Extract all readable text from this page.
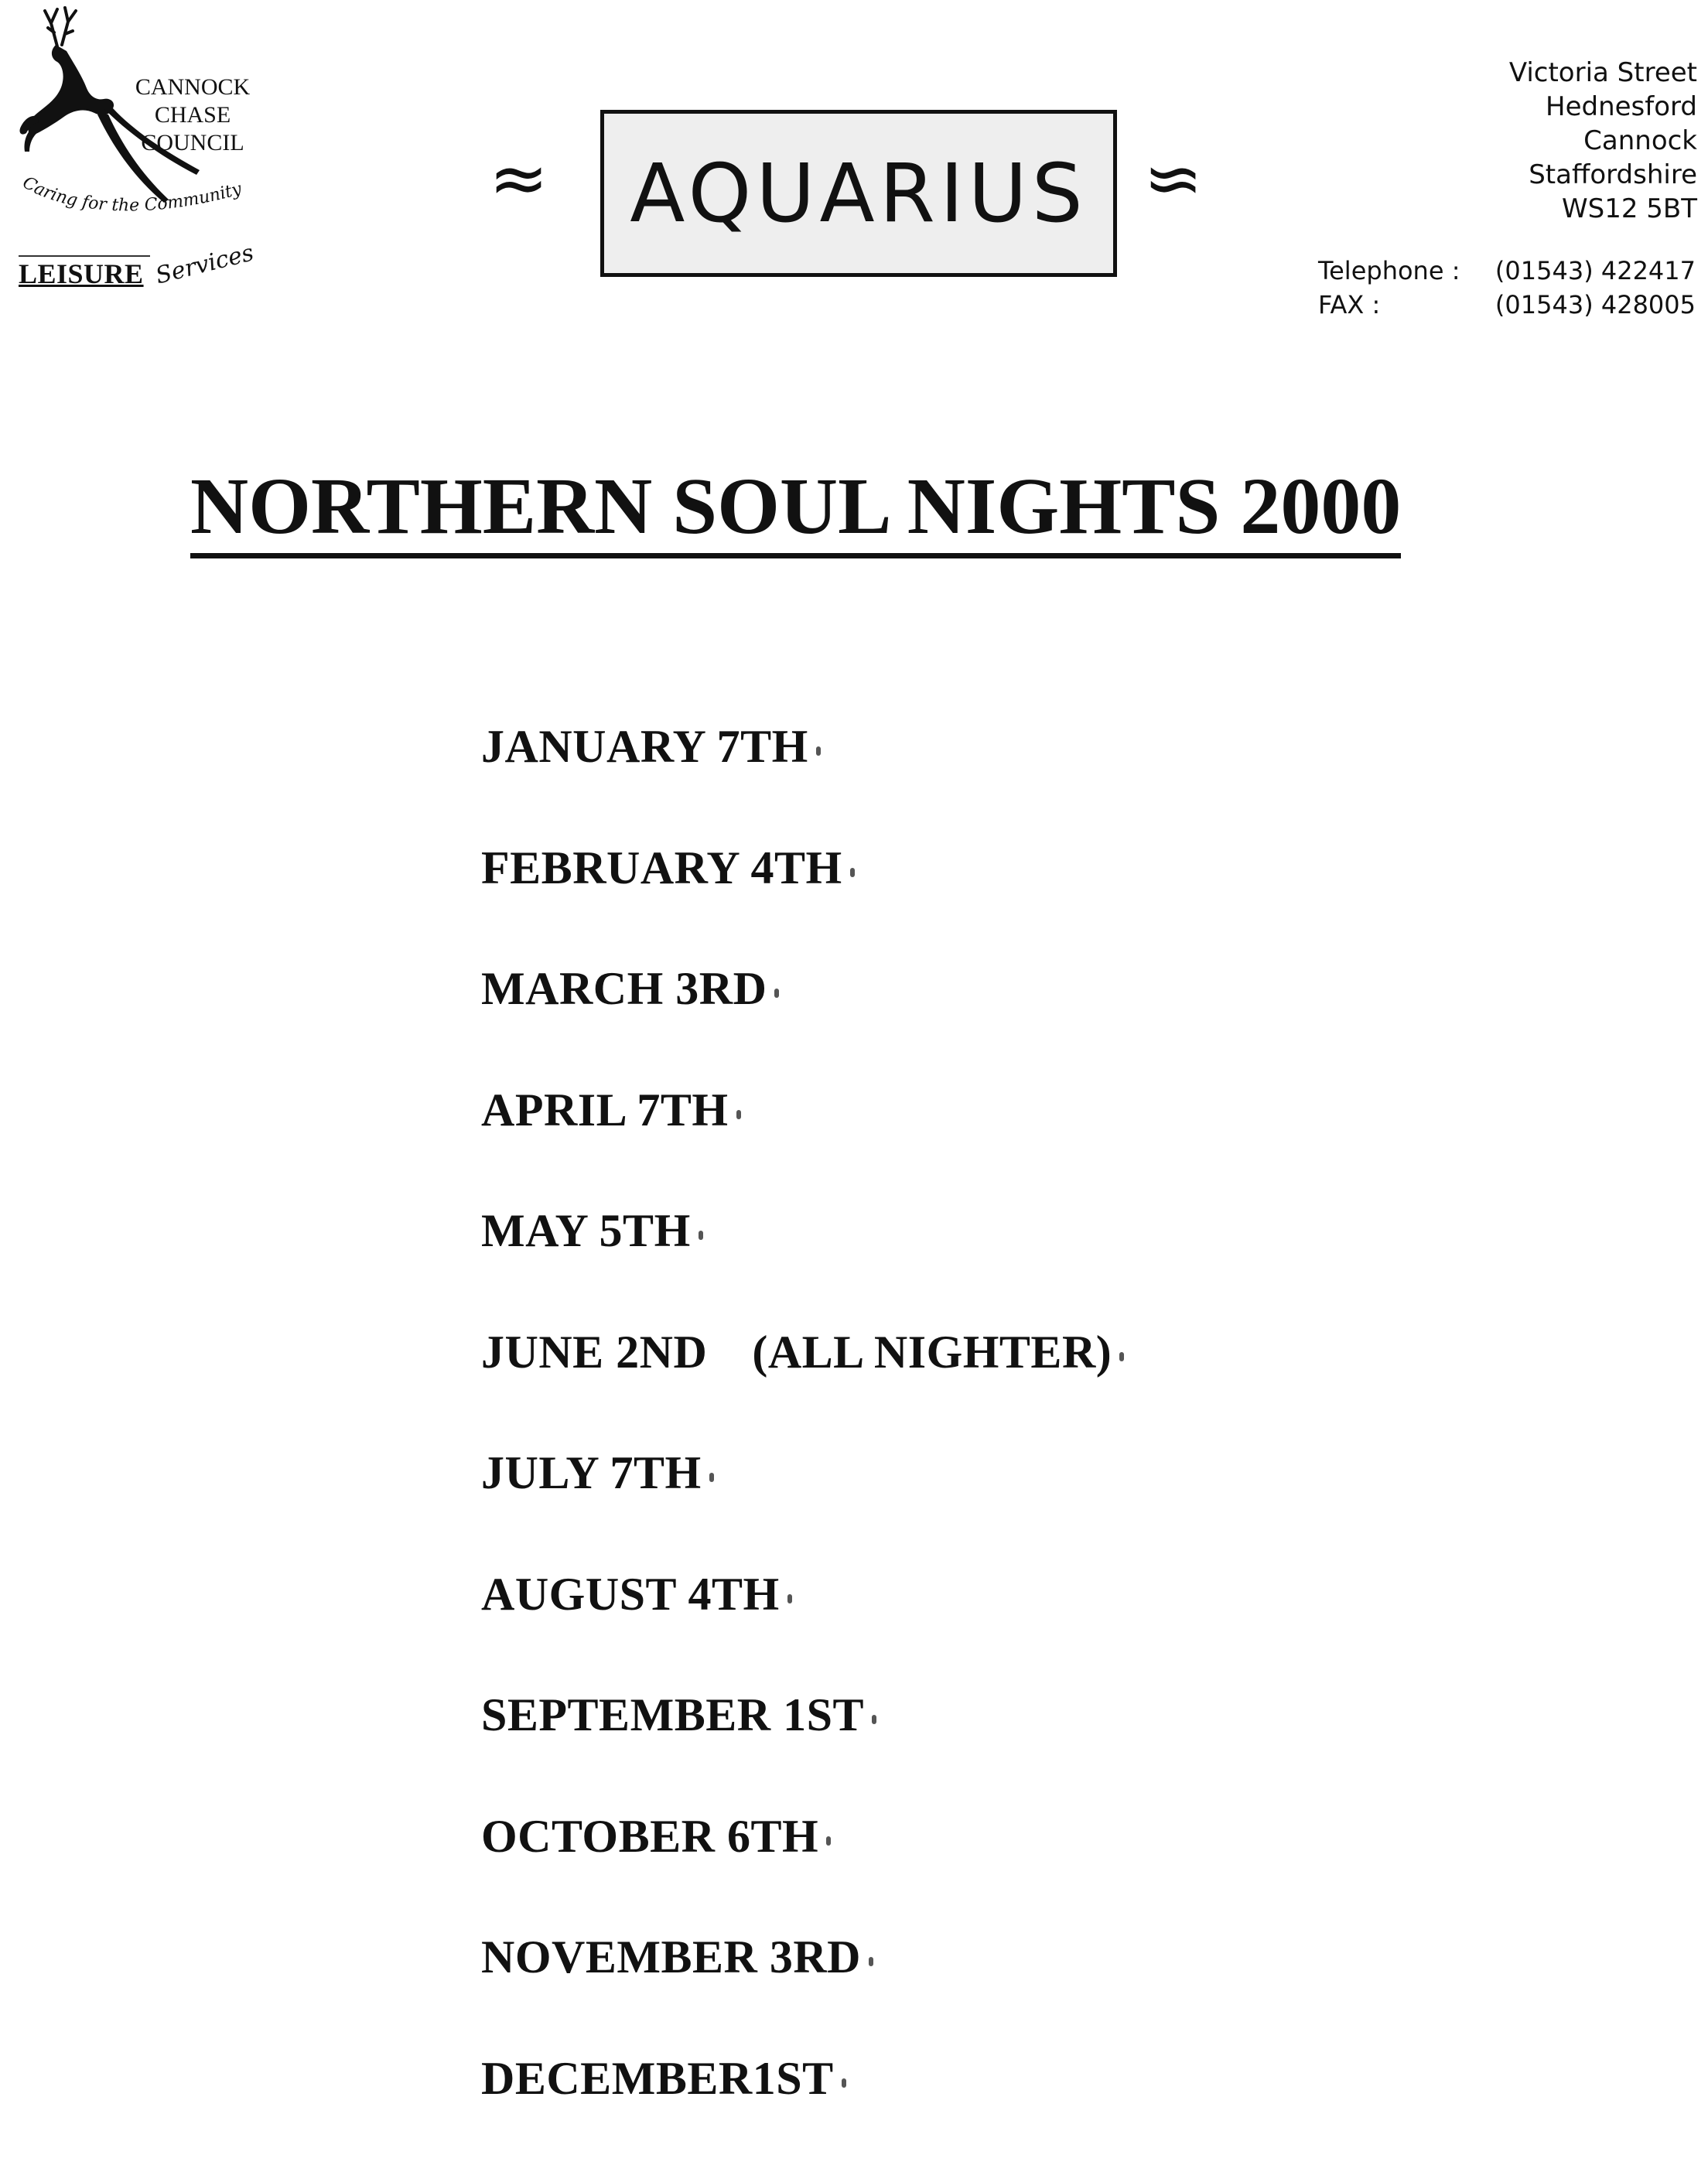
Caring for the Community
CANNOCK
CHASE
COUNCIL
LEISURE Services
≈ AQUARIUS ≈
Victoria Street
Hednesford
Cannock
Staffordshire
WS12 5BT
Telephone :	(01543) 422417
FAX :	(01543) 428005
NORTHERN SOUL NIGHTS 2000
JANUARY 7TH
FEBRUARY 4TH
MARCH 3RD
APRIL 7TH
MAY 5TH
JUNE 2ND (ALL NIGHTER)
JULY 7TH
AUGUST 4TH
SEPTEMBER 1ST
OCTOBER 6TH
NOVEMBER 3RD
DECEMBER1ST
